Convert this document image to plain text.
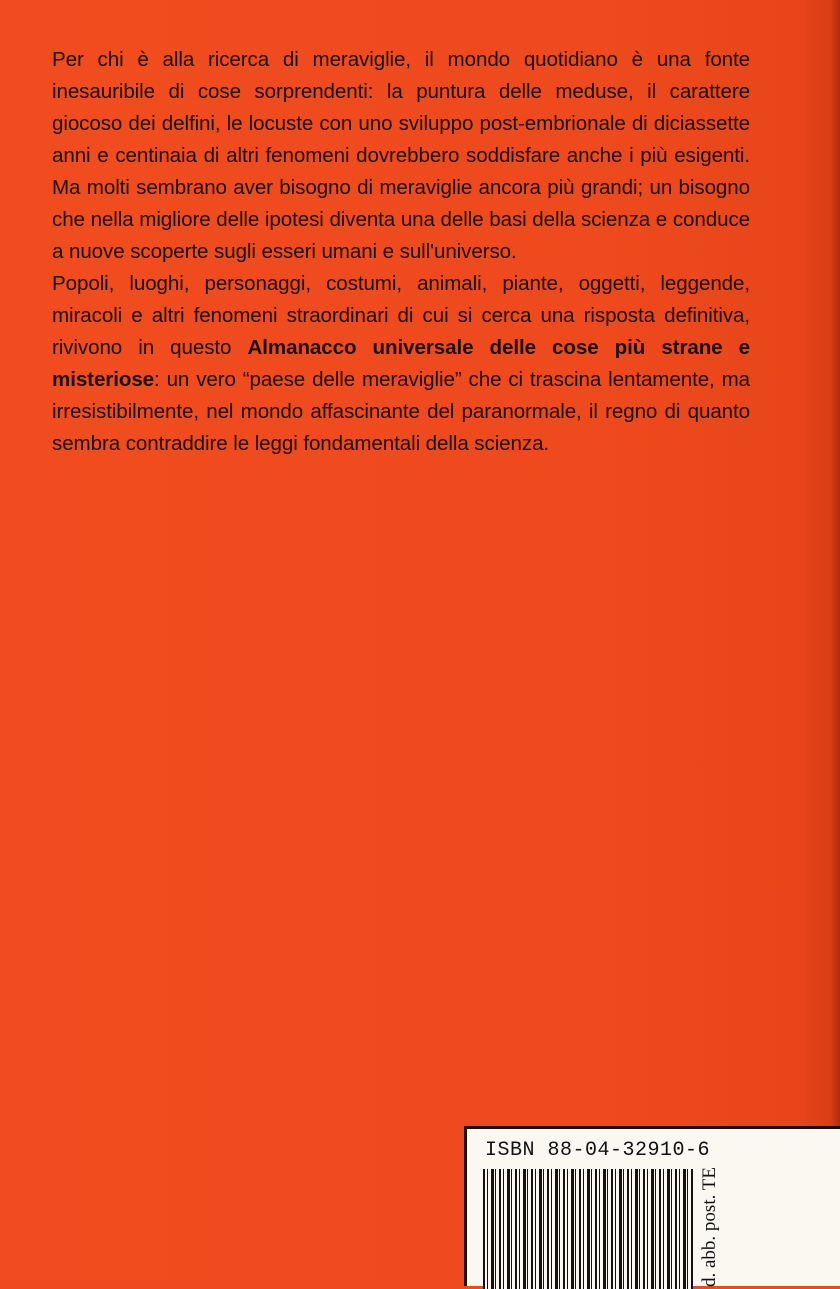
Per chi è alla ricerca di meraviglie, il mondo quotidiano è una fonte inesauribile di cose sorprendenti: la puntura delle meduse, il carattere giocoso dei delfini, le locuste con uno sviluppo post-embrionale di diciassette anni e centinaia di altri fenomeni dovrebbero soddisfare anche i più esigenti. Ma molti sembrano aver bisogno di meraviglie ancora più grandi; un bisogno che nella migliore delle ipotesi diventa una delle basi della scienza e conduce a nuove scoperte sugli esseri umani e sull'universo.

Popoli, luoghi, personaggi, costumi, animali, piante, oggetti, leggende, miracoli e altri fenomeni straordinari di cui si cerca una risposta definitiva, rivivono in questo Almanacco universale delle cose più strane e misteriose: un vero “paese delle meraviglie” che ci trascina lentamente, ma irresistibilmente, nel mondo affascinante del paranormale, il regno di quanto sembra contraddire le leggi fondamentali della scienza.

ISBN 88-04-32910-6
d. abb. post. TE
